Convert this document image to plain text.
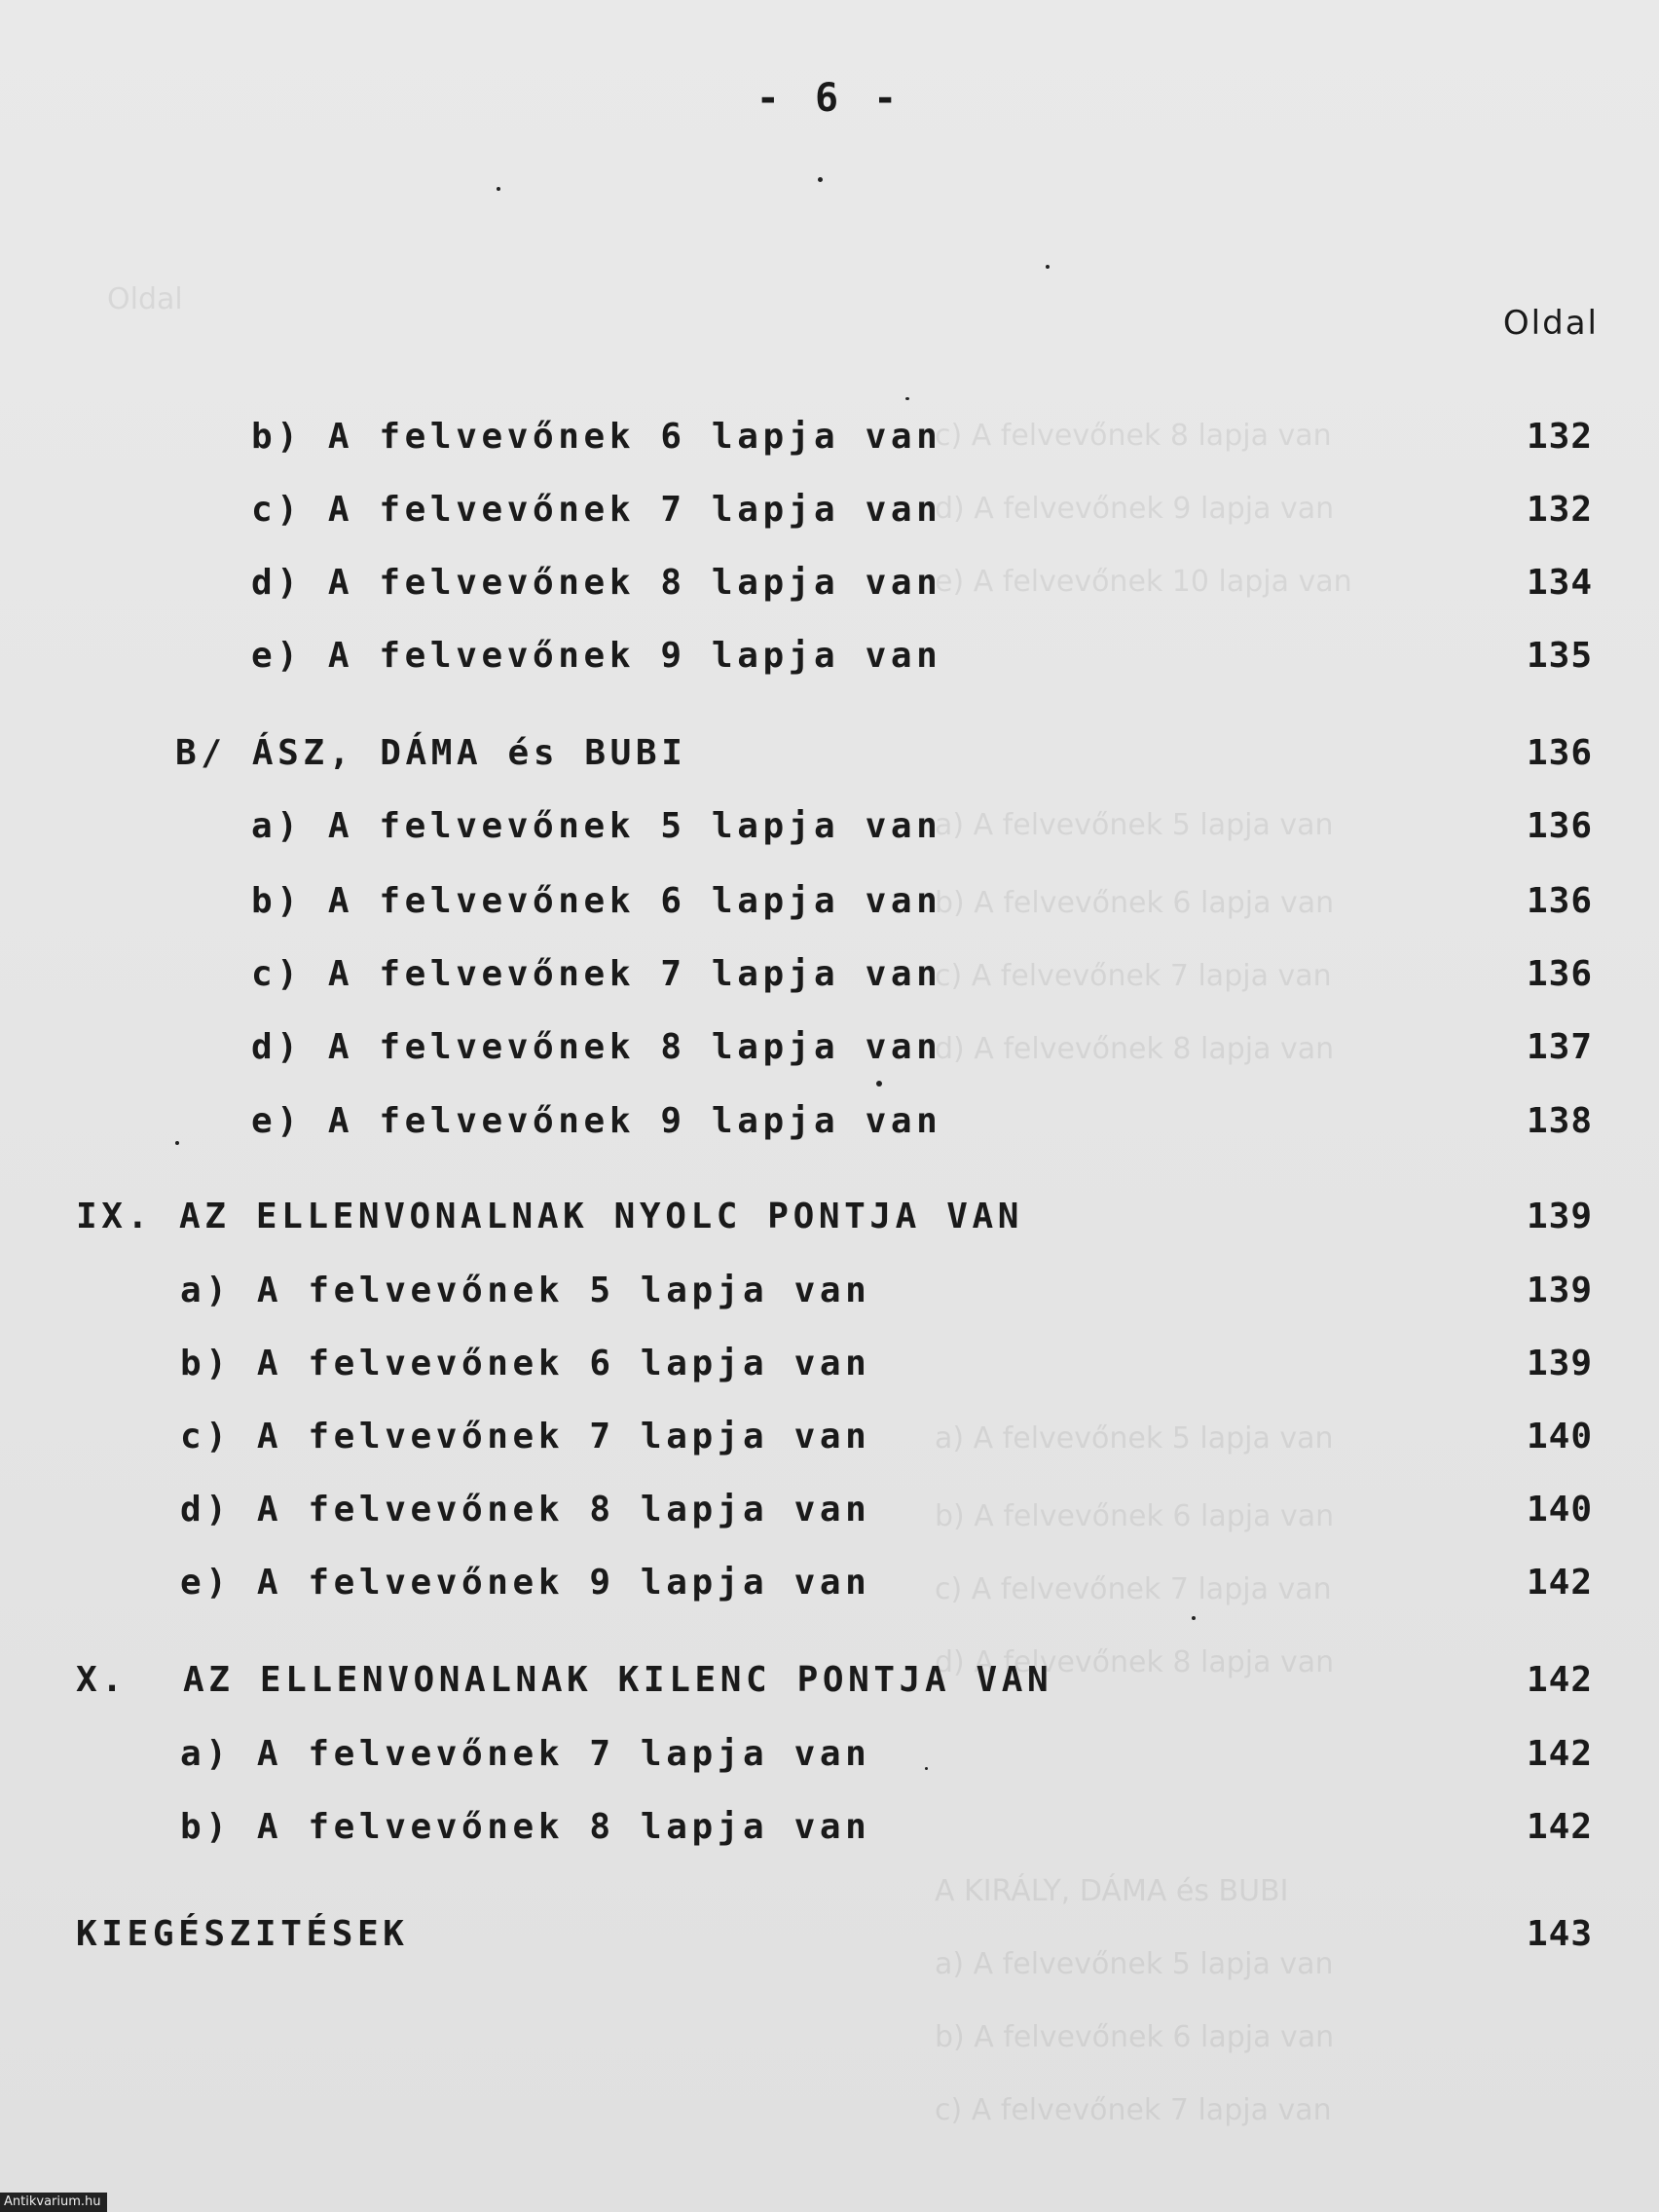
Oldal
c) A felvevőnek 8 lapja van
d) A felvevőnek 9 lapja van
e) A felvevőnek 10 lapja van
a) A felvevőnek 5 lapja van
b) A felvevőnek 6 lapja van
c) A felvevőnek 7 lapja van
d) A felvevőnek 8 lapja van
a) A felvevőnek 5 lapja van
b) A felvevőnek 6 lapja van
c) A felvevőnek 7 lapja van
d) A felvevőnek 8 lapja van
A KIRÁLY, DÁMA és BUBI
a) A felvevőnek 5 lapja van
b) A felvevőnek 6 lapja van
c) A felvevőnek 7 lapja van
- 6 -
Oldal
b) A felvevőnek 6 lapja van	132
c) A felvevőnek 7 lapja van	132
d) A felvevőnek 8 lapja van	134
e) A felvevőnek 9 lapja van	135
B/ ÁSZ, DÁMA és BUBI	136
a) A felvevőnek 5 lapja van	136
b) A felvevőnek 6 lapja van	136
c) A felvevőnek 7 lapja van	136
d) A felvevőnek 8 lapja van	137
e) A felvevőnek 9 lapja van	138
IX. AZ ELLENVONALNAK NYOLC PONTJA VAN	139
a) A felvevőnek 5 lapja van	139
b) A felvevőnek 6 lapja van	139
c) A felvevőnek 7 lapja van	140
d) A felvevőnek 8 lapja van	140
e) A felvevőnek 9 lapja van	142
X. AZ ELLENVONALNAK KILENC PONTJA VAN	142
a) A felvevőnek 7 lapja van	142
b) A felvevőnek 8 lapja van	142
KIEGÉSZITÉSEK	143
Antikvarium.hu
